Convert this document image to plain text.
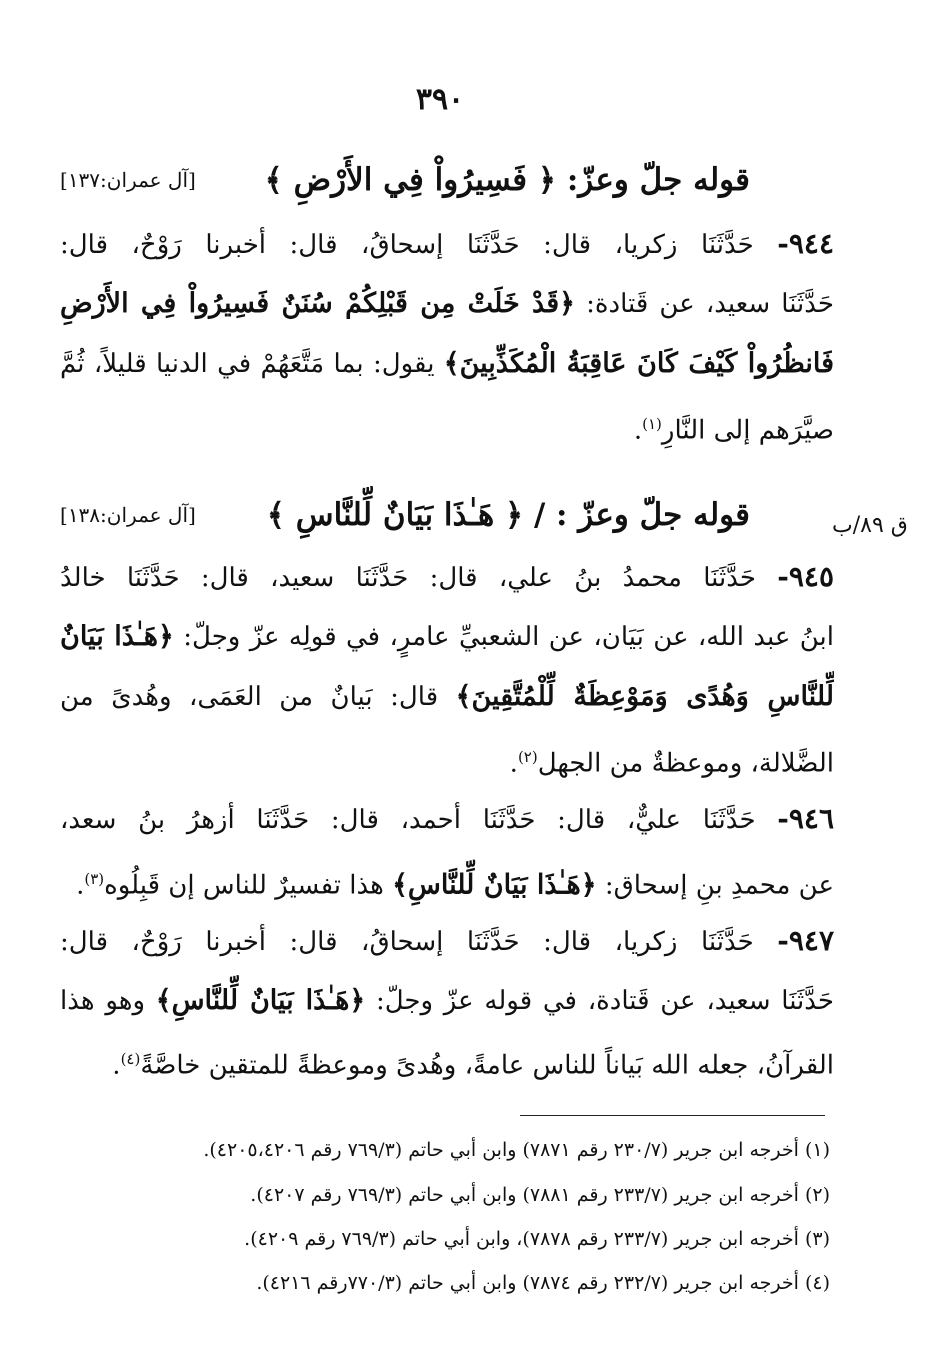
٣٩٠
قوله جلّ وعزّ: ﴿ فَسِيرُواْ فِي الأَرْضِ ﴾
[آل عمران:١٣٧]
٩٤٤- حَدَّثَنَا زكريا، قال: حَدَّثَنَا إسحاقُ، قال: أخبرنا رَوْحٌ، قال:
حَدَّثَنَا سعيد، عن قَتادة: ﴿قَدْ خَلَتْ مِن قَبْلِكُمْ سُنَنٌ فَسِيرُواْ فِي الأَرْضِ
فَانظُرُواْ كَيْفَ كَانَ عَاقِبَةُ الْمُكَذِّبِينَ﴾ يقول: بما مَتَّعَهُمْ في الدنيا قليلاً، ثُمَّ
صيَّرَهم إلى النَّارِ$^{(١)}$.
قوله جلّ وعزّ : / ﴿ هَـٰذَا بَيَانٌ لِّلنَّاسِ ﴾
[آل عمران:١٣٨]	ق ٨٩/ب
٩٤٥- حَدَّثَنَا محمدُ بنُ علي، قال: حَدَّثَنَا سعيد، قال: حَدَّثَنَا خالدُ
ابنُ عبد الله، عن بَيَان، عن الشعبيِّ عامرٍ، في قولِه عزّ وجلّ: ﴿هَـٰذَا بَيَانٌ
لِّلنَّاسِ وَهُدًى وَمَوْعِظَةٌ لِّلْمُتَّقِينَ﴾ قال: بَيانٌ من العَمَى، وهُدىً من
الضَّلالة، وموعظةٌ من الجهل$^{(٢)}$.
٩٤٦- حَدَّثَنَا عليٌّ، قال: حَدَّثَنَا أحمد، قال: حَدَّثَنَا أزهرُ بنُ سعد،
عن محمدِ بنِ إسحاق: ﴿هَـٰذَا بَيَانٌ لِّلنَّاسِ﴾ هذا تفسيرٌ للناس إن قَبِلُوه$^{(٣)}$.
٩٤٧- حَدَّثَنَا زكريا، قال: حَدَّثَنَا إسحاقُ، قال: أخبرنا رَوْحٌ، قال:
حَدَّثَنَا سعيد، عن قَتادة، في قوله عزّ وجلّ: ﴿هَـٰذَا بَيَانٌ لِّلنَّاسِ﴾ وهو هذا
القرآنُ، جعله الله بَياناً للناس عامةً، وهُدىً وموعظةً للمتقين خاصَّةً$^{(٤)}$.
(١) أخرجه ابن جرير (٢٣٠/٧ رقم ٧٨٧١) وابن أبي حاتم (٧٦٩/٣ رقم ٤٢٠٥،٤٢٠٦).
(٢) أخرجه ابن جرير (٢٣٣/٧ رقم ٧٨٨١) وابن أبي حاتم (٧٦٩/٣ رقم ٤٢٠٧).
(٣) أخرجه ابن جرير (٢٣٣/٧ رقم ٧٨٧٨)، وابن أبي حاتم (٧٦٩/٣ رقم ٤٢٠٩).
(٤) أخرجه ابن جرير (٢٣٢/٧ رقم ٧٨٧٤) وابن أبي حاتم (٧٧٠/٣رقم ٤٢١٦).
